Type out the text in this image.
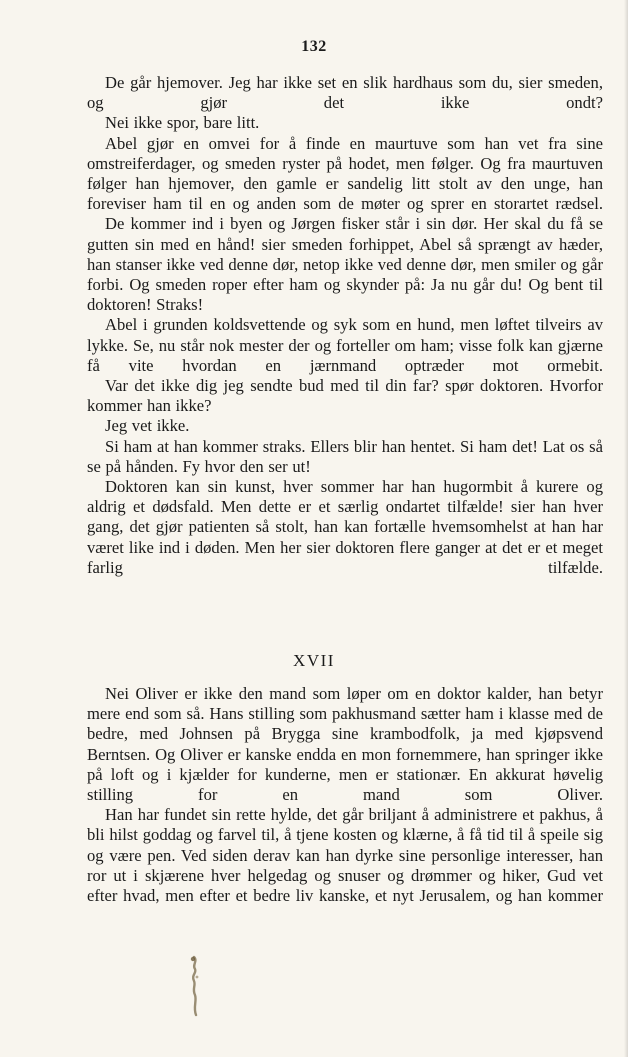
132

De går hjemover. Jeg har ikke set en slik hardhaus som du, sier smeden, og gjør det ikke ondt?

Nei ikke spor, bare litt.

Abel gjør en omvei for å finde en maurtuve som han vet fra sine omstreiferdager, og smeden ryster på hodet, men følger. Og fra maurtuven følger han hjemover, den gamle er sandelig litt stolt av den unge, han foreviser ham til en og anden som de møter og sprer en storartet rædsel.

De kommer ind i byen og Jørgen fisker står i sin dør. Her skal du få se gutten sin med en hånd! sier smeden forhippet, Abel så sprængt av hæder, han stanser ikke ved denne dør, netop ikke ved denne dør, men smiler og går forbi. Og smeden roper efter ham og skynder på: Ja nu går du! Og bent til doktoren! Straks!

Abel i grunden koldsvettende og syk som en hund, men løftet tilveirs av lykke. Se, nu står nok mester der og forteller om ham; visse folk kan gjærne få vite hvordan en jærnmand optræder mot ormebit.

Var det ikke dig jeg sendte bud med til din far? spør doktoren. Hvorfor kommer han ikke?

Jeg vet ikke.

Si ham at han kommer straks. Ellers blir han hentet. Si ham det! Lat os så se på hånden. Fy hvor den ser ut!

Doktoren kan sin kunst, hver sommer har han hugormbit å kurere og aldrig et dødsfald. Men dette er et særlig ondartet tilfælde! sier han hver gang, det gjør patienten så stolt, han kan fortælle hvemsomhelst at han har været like ind i døden. Men her sier doktoren flere ganger at det er et meget farlig tilfælde.

XVII

Nei Oliver er ikke den mand som løper om en doktor kalder, han betyr mere end som så. Hans stilling som pakhusmand sætter ham i klasse med de bedre, med Johnsen på Brygga sine krambodfolk, ja med kjøpsvend Berntsen. Og Oliver er kanske endda en mon fornemmere, han springer ikke på loft og i kjælder for kunderne, men er stationær. En akkurat høvelig stilling for en mand som Oliver.

Han har fundet sin rette hylde, det går briljant å administrere et pakhus, å bli hilst goddag og farvel til, å tjene kosten og klærne, å få tid til å speile sig og være pen. Ved siden derav kan han dyrke sine personlige interesser, han ror ut i skjærene hver helgedag og snuser og drømmer og hiker, Gud vet efter hvad, men efter et bedre liv kanske, et nyt Jerusalem, og han kommer
